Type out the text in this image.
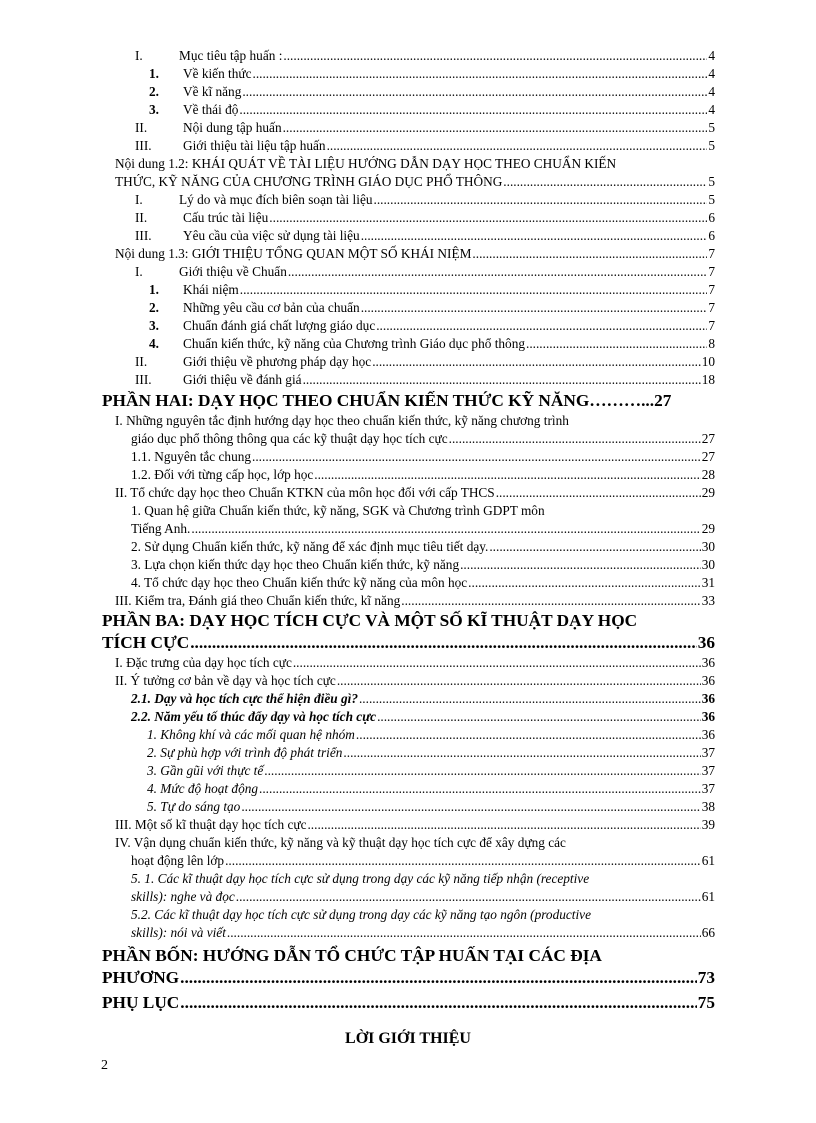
I.	Mục tiêu tập huấn : .....	4
1.	Về kiến thức .....	4
2.	Về kĩ năng .....	4
3.	Về thái độ .....	4
II.	Nội dung tập huấn .....	5
III.	Giới thiệu tài liệu tập huấn .....	5
Nội dung 1.2: KHÁI QUÁT VỀ TÀI LIỆU HƯỚNG DẪN DẠY HỌC THEO CHUẨN KIẾN
THỨC, KỸ NĂNG CỦA CHƯƠNG TRÌNH GIÁO DỤC PHỔ THÔNG .....	5
I.	Lý do và mục đích biên soạn tài liệu .....	5
II.	Cấu trúc tài liệu .....	6
III.	Yêu cầu của việc sử dụng tài liệu .....	6
Nội dung 1.3: GIỚI THIỆU TỔNG QUAN MỘT SỐ KHÁI NIỆM .....	7
I.	Giới thiệu về Chuẩn .....	7
1.	Khái niệm .....	7
2.	Những yêu cầu cơ bản của chuẩn .....	7
3.	Chuẩn đánh giá chất lượng giáo dục .....	7
4.	Chuẩn kiến thức, kỹ năng của Chương trình Giáo dục phổ thông .....	8
II.	Giới thiệu về phương pháp dạy học .....	10
III.	Giới thiệu về đánh giá .....	18
PHẦN HAI: DẠY HỌC THEO CHUẨN KIẾN THỨC KỸ NĂNG ………... 27
I. Những nguyên tắc định hướng dạy học theo chuẩn kiến thức, kỹ năng chương trình
giáo dục phổ thông thông qua các kỹ thuật dạy học tích cực .....	27
1.1. Nguyên tắc chung .....	27
1.2. Đối với từng cấp học, lớp học .....	28
II. Tổ chức dạy học theo Chuẩn KTKN của môn học đối với cấp THCS .....	29
1. Quan hệ giữa Chuẩn kiến thức, kỹ năng, SGK và Chương trình GDPT môn
Tiếng Anh. .....	29
2. Sử dụng Chuẩn kiến thức, kỹ năng để xác định mục tiêu tiết dạy. .....	30
3. Lựa chọn kiến thức dạy học theo Chuẩn kiến thức, kỹ năng .....	30
4. Tổ chức dạy học theo Chuẩn kiến thức kỹ năng của môn học .....	31
III. Kiểm tra, Đánh giá theo Chuẩn kiến thức, kĩ năng .....	33
PHẦN BA: DẠY HỌC TÍCH CỰC VÀ MỘT SỐ KĨ THUẬT DẠY HỌC
TÍCH CỰC .....	36
I. Đặc trưng của dạy học tích cực .....	36
II. Ý tưởng cơ bản về dạy và học tích cực .....	36
2.1. Dạy và học tích cực thể hiện điều gì? .....	36
2.2. Năm yếu tố thúc đẩy dạy và học tích cực .....	36
1. Không khí và các mối quan hệ nhóm .....	36
2. Sự phù hợp với trình độ phát triển .....	37
3. Gần gũi với thực tế .....	37
4. Mức độ hoạt động .....	37
5. Tự do sáng tạo .....	38
III. Một số kĩ thuật dạy học tích cực .....	39
IV. Vận dụng chuẩn kiến thức, kỹ năng và kỹ thuật dạy học tích cực để xây dựng các
hoạt động lên lớp .....	61
5. 1. Các kĩ thuật dạy học tích cực sử dụng trong dạy các kỹ năng tiếp nhận (receptive
skills): nghe và đọc .....	61
5.2. Các kĩ thuật dạy học tích cực sử dụng trong dạy các kỹ năng tạo ngôn (productive
skills): nói và viết .....	66
PHẦN BỐN: HƯỚNG DẪN TỔ CHỨC TẬP HUẤN TẠI CÁC ĐỊA
PHƯƠNG .....	73
PHỤ LỤC .....	75
LỜI GIỚI THIỆU
2
